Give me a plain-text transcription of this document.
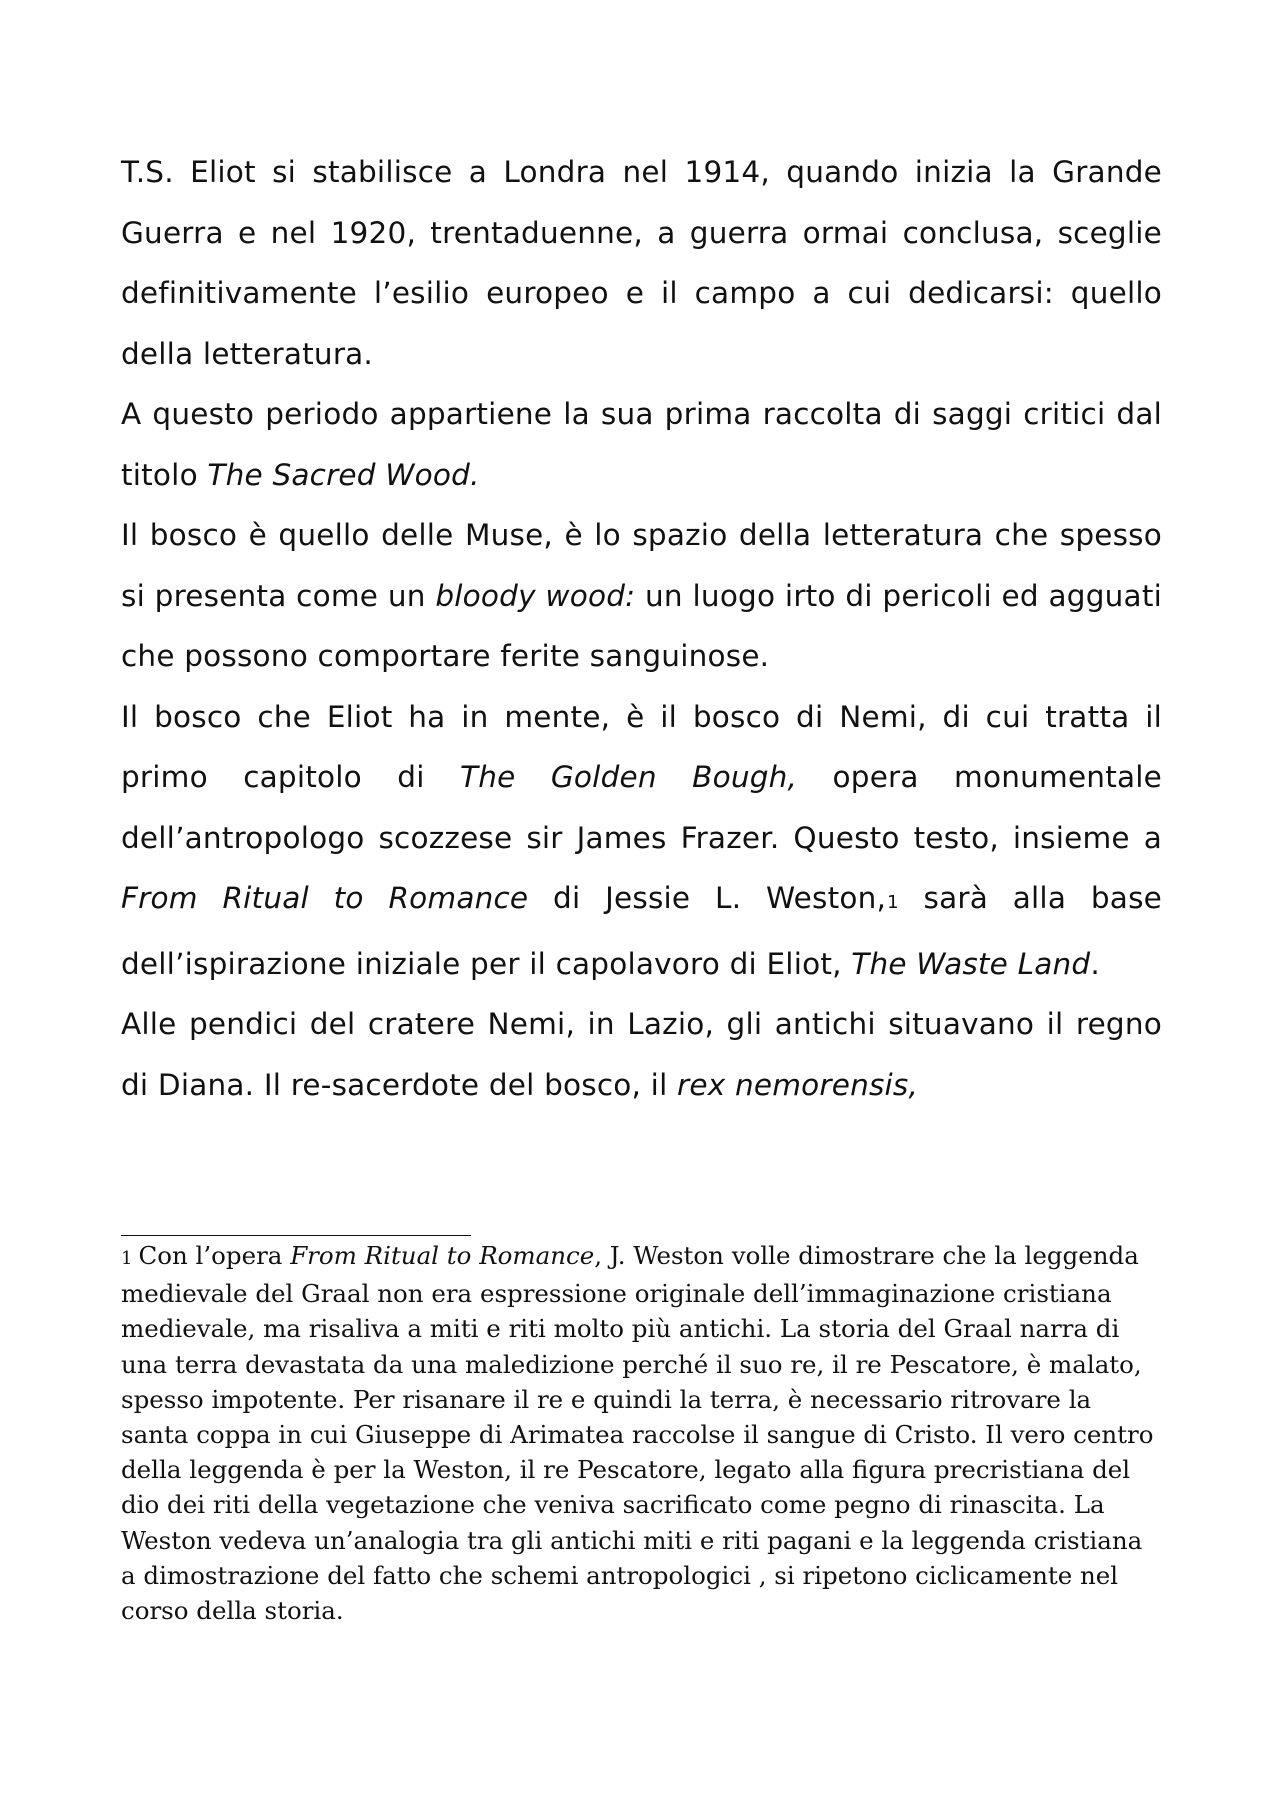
T.S. Eliot si stabilisce a Londra nel 1914, quando inizia la Grande Guerra e nel 1920, trentaduenne, a guerra ormai conclusa, sceglie definitivamente l’esilio europeo e il campo a cui dedicarsi: quello della letteratura.

A questo periodo appartiene la sua prima raccolta di saggi critici dal titolo The Sacred Wood.

Il bosco è quello delle Muse, è lo spazio della letteratura che spesso si presenta come un bloody wood: un luogo irto di pericoli ed agguati che possono comportare ferite sanguinose.

Il bosco che Eliot ha in mente, è il bosco di Nemi, di cui tratta il primo capitolo di The Golden Bough, opera monumentale dell’antropologo scozzese sir James Frazer. Questo testo, insieme a From Ritual to Romance di Jessie L. Weston,1 sarà alla base dell’ispirazione iniziale per il capolavoro di Eliot, The Waste Land.

Alle pendici del cratere Nemi, in Lazio, gli antichi situavano il regno di Diana. Il re-sacerdote del bosco, il rex nemorensis,

1 Con l’opera From Ritual to Romance, J. Weston volle dimostrare che la leggenda medievale del Graal non era espressione originale dell’immaginazione cristiana medievale, ma risaliva a miti e riti molto più antichi. La storia del Graal narra di una terra devastata da una maledizione perché il suo re, il re Pescatore, è malato, spesso impotente. Per risanare il re e quindi la terra, è necessario ritrovare la santa coppa in cui Giuseppe di Arimatea raccolse il sangue di Cristo. Il vero centro della leggenda è per la Weston, il re Pescatore, legato alla figura precristiana del dio dei riti della vegetazione che veniva sacrificato come pegno di rinascita. La Weston vedeva un’analogia tra gli antichi miti e riti pagani e la leggenda cristiana a dimostrazione del fatto che schemi antropologici , si ripetono ciclicamente nel corso della storia.
